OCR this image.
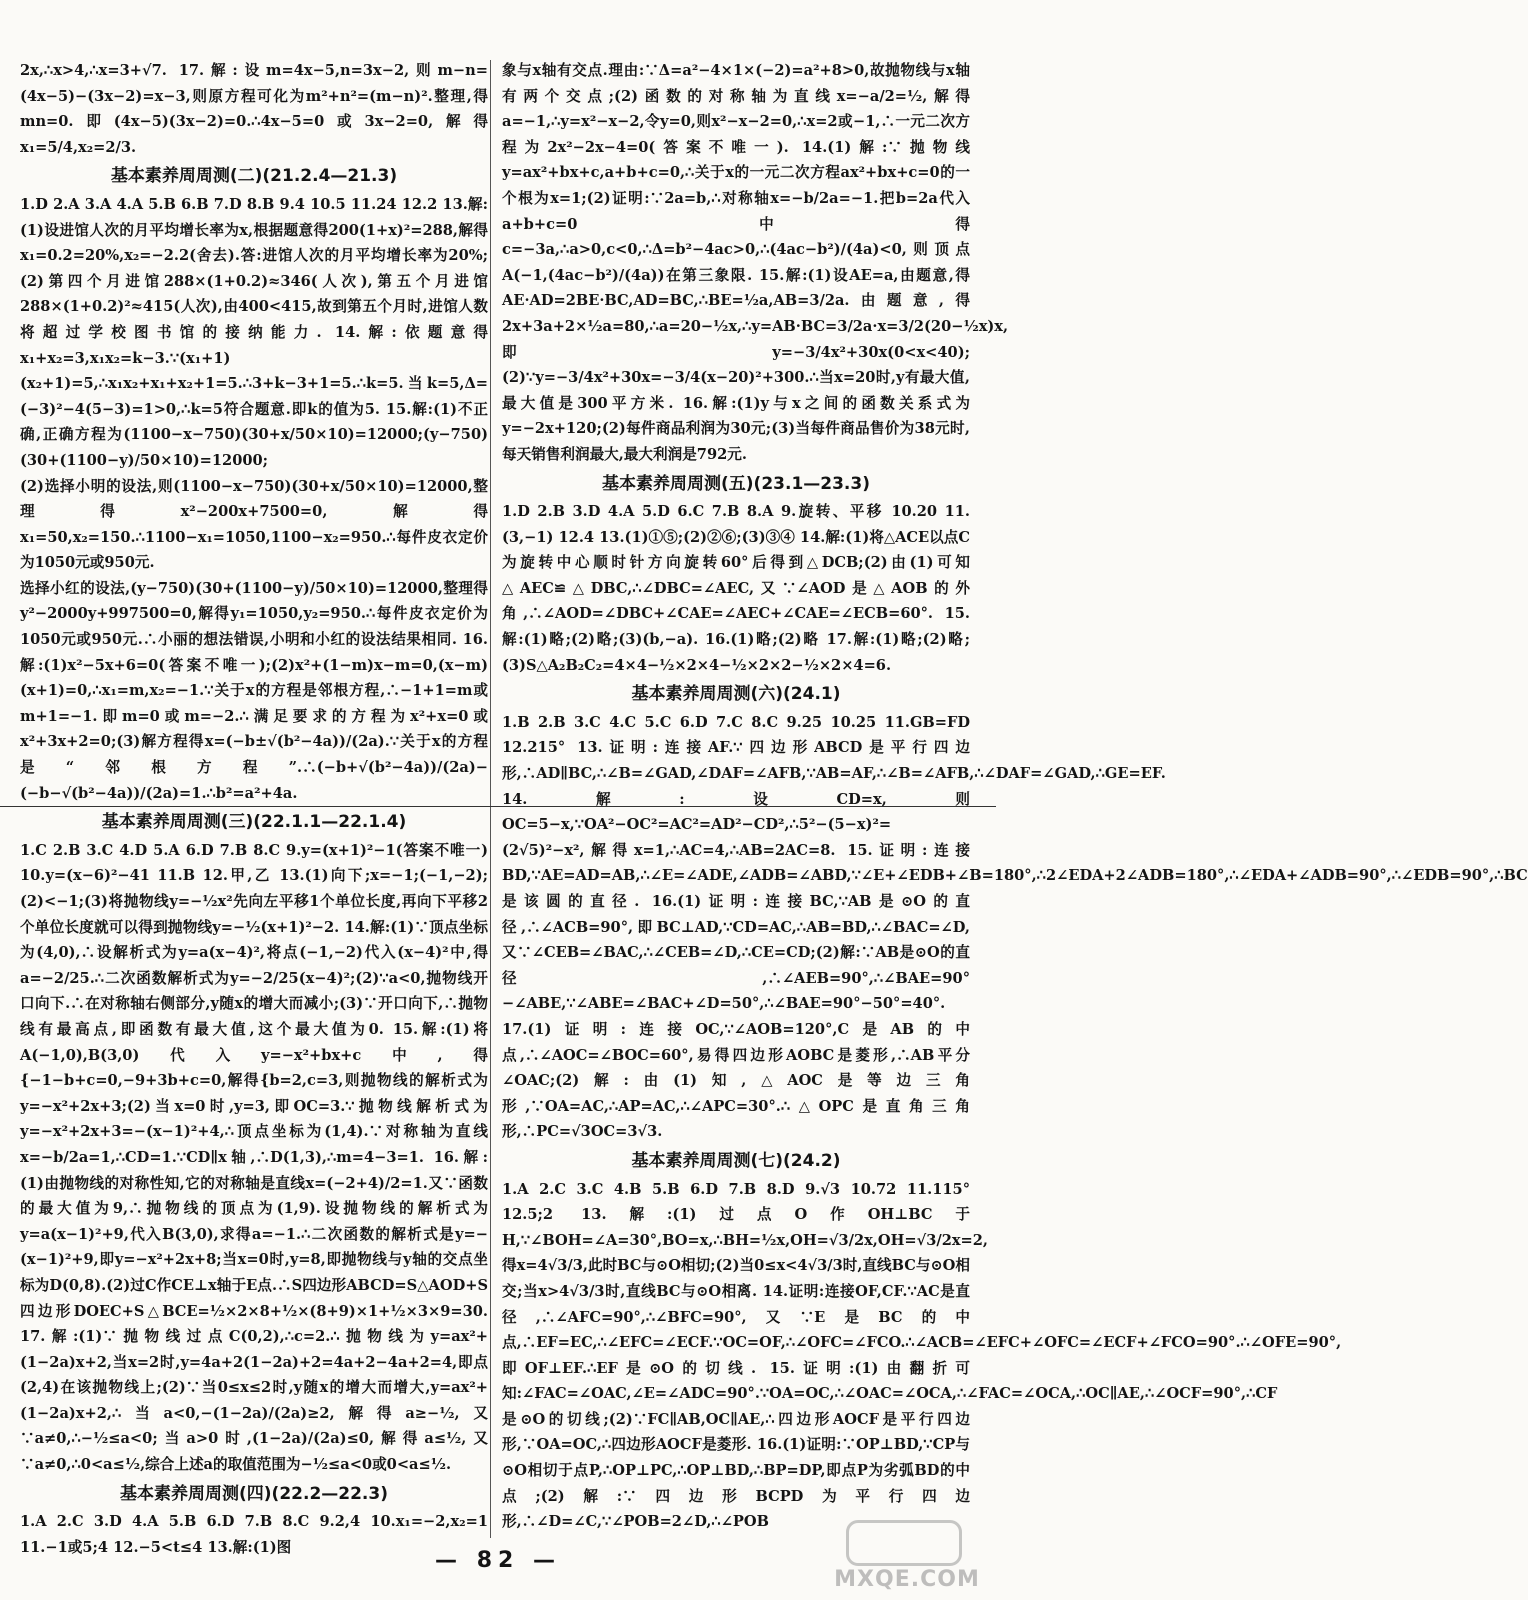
2x,∴x>4,∴x=3+√7. 17.解:设m=4x−5,n=3x−2,则m−n=(4x−5)−(3x−2)=x−3,则原方程可化为m²+n²=(m−n)².整理,得mn=0.即(4x−5)(3x−2)=0.∴4x−5=0或3x−2=0,解得x₁=5/4,x₂=2/3.

基本素养周周测(二)(21.2.4—21.3)

1.D 2.A 3.A 4.A 5.B 6.B 7.D 8.B 9.4 10.5 11.24 12.2 13.解:(1)设进馆人次的月平均增长率为x,根据题意得200(1+x)²=288,解得x₁=0.2=20%,x₂=−2.2(舍去).答:进馆人次的月平均增长率为20%;(2)第四个月进馆288×(1+0.2)≈346(人次),第五个月进馆288×(1+0.2)²≈415(人次),由400<415,故到第五个月时,进馆人数将超过学校图书馆的接纳能力. 14.解:依题意得x₁+x₂=3,x₁x₂=k−3.∵(x₁+1)(x₂+1)=5,∴x₁x₂+x₁+x₂+1=5.∴3+k−3+1=5.∴k=5.当k=5,Δ=(−3)²−4(5−3)=1>0,∴k=5符合题意.即k的值为5. 15.解:(1)不正确,正确方程为(1100−x−750)(30+x/50×10)=12000;(y−750)(30+(1100−y)/50×10)=12000;

(2)选择小明的设法,则(1100−x−750)(30+x/50×10)=12000,整理得x²−200x+7500=0,解得x₁=50,x₂=150.∴1100−x₁=1050,1100−x₂=950.∴每件皮衣定价为1050元或950元.

选择小红的设法,(y−750)(30+(1100−y)/50×10)=12000,整理得y²−2000y+997500=0,解得y₁=1050,y₂=950.∴每件皮衣定价为1050元或950元.∴小丽的想法错误,小明和小红的设法结果相同. 16.解:(1)x²−5x+6=0(答案不唯一);(2)x²+(1−m)x−m=0,(x−m)(x+1)=0,∴x₁=m,x₂=−1.∵关于x的方程是邻根方程,∴−1+1=m或m+1=−1.即m=0或m=−2.∴满足要求的方程为x²+x=0或x²+3x+2=0;(3)解方程得x=(−b±√(b²−4a))/(2a).∵关于x的方程是“邻根方程”.∴(−b+√(b²−4a))/(2a)−(−b−√(b²−4a))/(2a)=1.∴b²=a²+4a.

基本素养周周测(三)(22.1.1—22.1.4)

1.C 2.B 3.C 4.D 5.A 6.D 7.B 8.C 9.y=(x+1)²−1(答案不唯一) 10.y=(x−6)²−41 11.B 12.甲,乙 13.(1)向下;x=−1;(−1,−2);(2)<−1;(3)将抛物线y=−½x²先向左平移1个单位长度,再向下平移2个单位长度就可以得到抛物线y=−½(x+1)²−2. 14.解:(1)∵顶点坐标为(4,0),∴设解析式为y=a(x−4)²,将点(−1,−2)代入(x−4)²中,得a=−2/25.∴二次函数解析式为y=−2/25(x−4)²;(2)∵a<0,抛物线开口向下.∴在对称轴右侧部分,y随x的增大而减小;(3)∵开口向下,∴抛物线有最高点,即函数有最大值,这个最大值为0. 15.解:(1)将A(−1,0),B(3,0)代入y=−x²+bx+c中,得{−1−b+c=0,−9+3b+c=0,解得{b=2,c=3,则抛物线的解析式为y=−x²+2x+3;(2)当x=0时,y=3,即OC=3.∵抛物线解析式为y=−x²+2x+3=−(x−1)²+4,∴顶点坐标为(1,4).∵对称轴为直线x=−b/2a=1,∴CD=1.∵CD∥x轴,∴D(1,3),∴m=4−3=1. 16.解:(1)由抛物线的对称性知,它的对称轴是直线x=(−2+4)/2=1.又∵函数的最大值为9,∴抛物线的顶点为(1,9).设抛物线的解析式为y=a(x−1)²+9,代入B(3,0),求得a=−1.∴二次函数的解析式是y=−(x−1)²+9,即y=−x²+2x+8;当x=0时,y=8,即抛物线与y轴的交点坐标为D(0,8).(2)过C作CE⊥x轴于E点.∴S四边形ABCD=S△AOD+S四边形DOEC+S△BCE=½×2×8+½×(8+9)×1+½×3×9=30. 17.解:(1)∵抛物线过点C(0,2),∴c=2.∴抛物线为y=ax²+(1−2a)x+2,当x=2时,y=4a+2(1−2a)+2=4a+2−4a+2=4,即点(2,4)在该抛物线上;(2)∵当0≤x≤2时,y随x的增大而增大,y=ax²+(1−2a)x+2,∴当a<0,−(1−2a)/(2a)≥2,解得a≥−½,又∵a≠0,∴−½≤a<0;当a>0时,(1−2a)/(2a)≤0,解得a≤½,又∵a≠0,∴0<a≤½,综合上述a的取值范围为−½≤a<0或0<a≤½.

基本素养周周测(四)(22.2—22.3)

1.A 2.C 3.D 4.A 5.B 6.D 7.B 8.C 9.2,4 10.x₁=−2,x₂=1 11.−1或5;4 12.−5<t≤4 13.解:(1)图

象与x轴有交点.理由:∵Δ=a²−4×1×(−2)=a²+8>0,故抛物线与x轴有两个交点;(2)函数的对称轴为直线x=−a/2=½,解得a=−1,∴y=x²−x−2,令y=0,则x²−x−2=0,∴x=2或−1,∴一元二次方程为2x²−2x−4=0(答案不唯一). 14.(1)解:∵抛物线y=ax²+bx+c,a+b+c=0,∴关于x的一元二次方程ax²+bx+c=0的一个根为x=1;(2)证明:∵2a=b,∴对称轴x=−b/2a=−1.把b=2a代入a+b+c=0中得c=−3a,∴a>0,c<0,∴Δ=b²−4ac>0,∴(4ac−b²)/(4a)<0,则顶点A(−1,(4ac−b²)/(4a))在第三象限. 15.解:(1)设AE=a,由题意,得AE·AD=2BE·BC,AD=BC,∴BE=½a,AB=3/2a.由题意,得2x+3a+2×½a=80,∴a=20−½x,∴y=AB·BC=3/2a·x=3/2(20−½x)x,即y=−3/4x²+30x(0<x<40);(2)∵y=−3/4x²+30x=−3/4(x−20)²+300.∴当x=20时,y有最大值,最大值是300平方米. 16.解:(1)y与x之间的函数关系式为y=−2x+120;(2)每件商品利润为30元;(3)当每件商品售价为38元时,每天销售利润最大,最大利润是792元.

基本素养周周测(五)(23.1—23.3)

1.D 2.B 3.D 4.A 5.D 6.C 7.B 8.A 9.旋转、平移 10.20 11.(3,−1) 12.4 13.(1)①⑤;(2)②⑥;(3)③④ 14.解:(1)将△ACE以点C为旋转中心顺时针方向旋转60°后得到△DCB;(2)由(1)可知△AEC≌△DBC,∴∠DBC=∠AEC,又∵∠AOD是△AOB的外角,∴∠AOD=∠DBC+∠CAE=∠AEC+∠CAE=∠ECB=60°. 15.解:(1)略;(2)略;(3)(b,−a). 16.(1)略;(2)略 17.解:(1)略;(2)略;(3)S△A₂B₂C₂=4×4−½×2×4−½×2×2−½×2×4=6.

基本素养周周测(六)(24.1)

1.B 2.B 3.C 4.C 5.C 6.D 7.C 8.C 9.25 10.25 11.GB=FD 12.215° 13.证明:连接AF.∵四边形ABCD是平行四边形,∴AD∥BC,∴∠B=∠GAD,∠DAF=∠AFB,∵AB=AF,∴∠B=∠AFB,∴∠DAF=∠GAD,∴GE=EF. 14.解:设CD=x,则OC=5−x,∵OA²−OC²=AC²=AD²−CD²,∴5²−(5−x)²=(2√5)²−x²,解得x=1,∴AC=4,∴AB=2AC=8. 15.证明:连接BD,∵AE=AD=AB,∴∠E=∠ADE,∠ADB=∠ABD,∵∠E+∠EDB+∠B=180°,∴2∠EDA+2∠ADB=180°,∴∠EDA+∠ADB=90°,∴∠EDB=90°,∴BC是该圆的直径. 16.(1)证明:连接BC,∵AB是⊙O的直径,∴∠ACB=90°,即BC⊥AD,∵CD=AC,∴AB=BD,∴∠BAC=∠D,又∵∠CEB=∠BAC,∴∠CEB=∠D,∴CE=CD;(2)解:∵AB是⊙O的直径,∴∠AEB=90°,∴∠BAE=90°−∠ABE,∵∠ABE=∠BAC+∠D=50°,∴∠BAE=90°−50°=40°. 17.(1)证明:连接OC,∵∠AOB=120°,C是AB的中点,∴∠AOC=∠BOC=60°,易得四边形AOBC是菱形,∴AB平分∠OAC;(2)解:由(1)知,△AOC是等边三角形,∵OA=AC,∴AP=AC,∴∠APC=30°.∴△OPC是直角三角形,∴PC=√3OC=3√3.

基本素养周周测(七)(24.2)

1.A 2.C 3.C 4.B 5.B 6.D 7.B 8.D 9.√3 10.72 11.115° 12.5;2 13.解:(1)过点O作OH⊥BC于H,∵∠BOH=∠A=30°,BO=x,∴BH=½x,OH=√3/2x,OH=√3/2x=2,得x=4√3/3,此时BC与⊙O相切;(2)当0≤x<4√3/3时,直线BC与⊙O相交;当x>4√3/3时,直线BC与⊙O相离. 14.证明:连接OF,CF.∵AC是直径,∴∠AFC=90°,∴∠BFC=90°,又∵E是BC的中点,∴EF=EC,∴∠EFC=∠ECF.∵OC=OF,∴∠OFC=∠FCO.∴∠ACB=∠EFC+∠OFC=∠ECF+∠FCO=90°.∴∠OFE=90°,即OF⊥EF.∴EF是⊙O的切线. 15.证明:(1)由翻折可知:∠FAC=∠OAC,∠E=∠ADC=90°.∵OA=OC,∴∠OAC=∠OCA,∴∠FAC=∠OCA,∴OC∥AE,∴∠OCF=90°,∴CF是⊙O的切线;(2)∵FC∥AB,OC∥AE,∴四边形AOCF是平行四边形,∵OA=OC,∴四边形AOCF是菱形. 16.(1)证明:∵OP⊥BD,∵CP与⊙O相切于点P,∴OP⊥PC,∴OP⊥BD,∴BP=DP,即点P为劣弧BD的中点;(2)解:∵四边形BCPD为平行四边形,∴∠D=∠C,∵∠POB=2∠D,∴∠POB

— 82 —
MXQE.COM
